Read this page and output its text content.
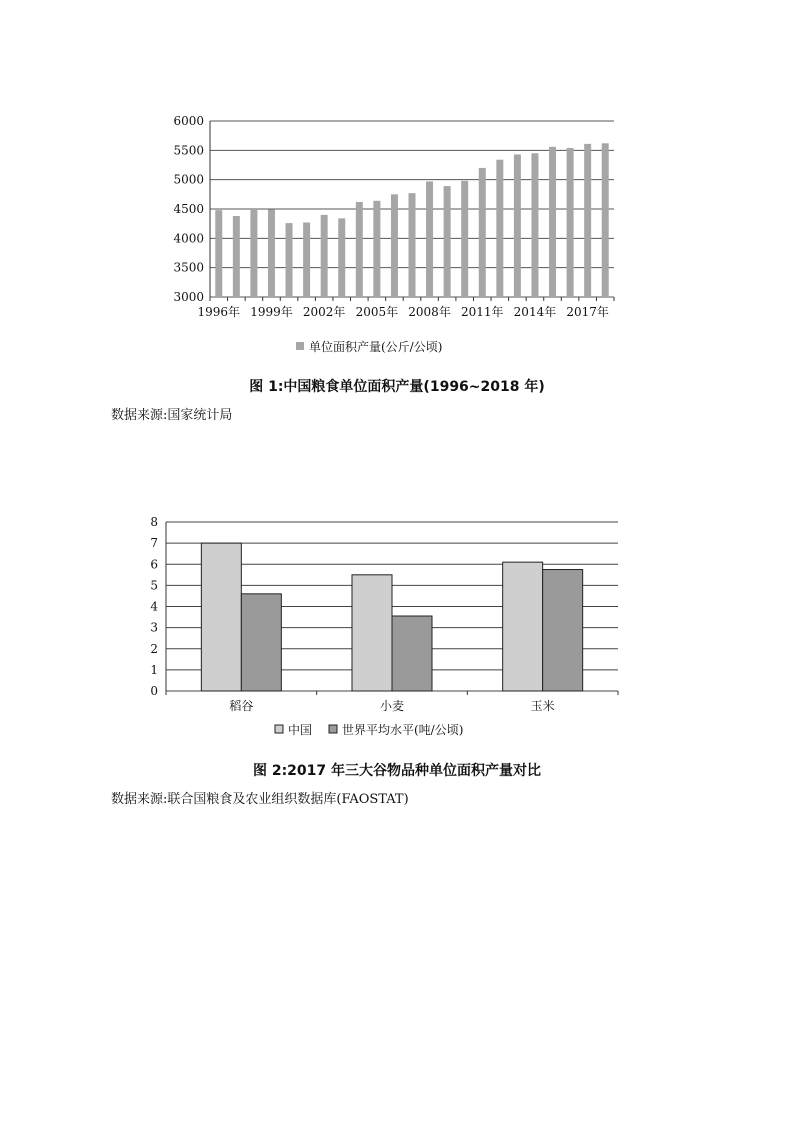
3000
3500
4000
4500
5000
5500
6000
1996年 1999年 2002年 2005年 2008年 2011年 2014年 2017年
单位面积产量(公斤/公顷)
图 1:中国粮食单位面积产量(1996~2018 年)
数据来源:国家统计局
0
1
2
3
4
5
6
7
8
稻谷	小麦	玉米
中国 世界平均水平(吨/公顷)
图 2:2017 年三大谷物品种单位面积产量对比
数据来源:联合国粮食及农业组织数据库(FAOSTAT)
